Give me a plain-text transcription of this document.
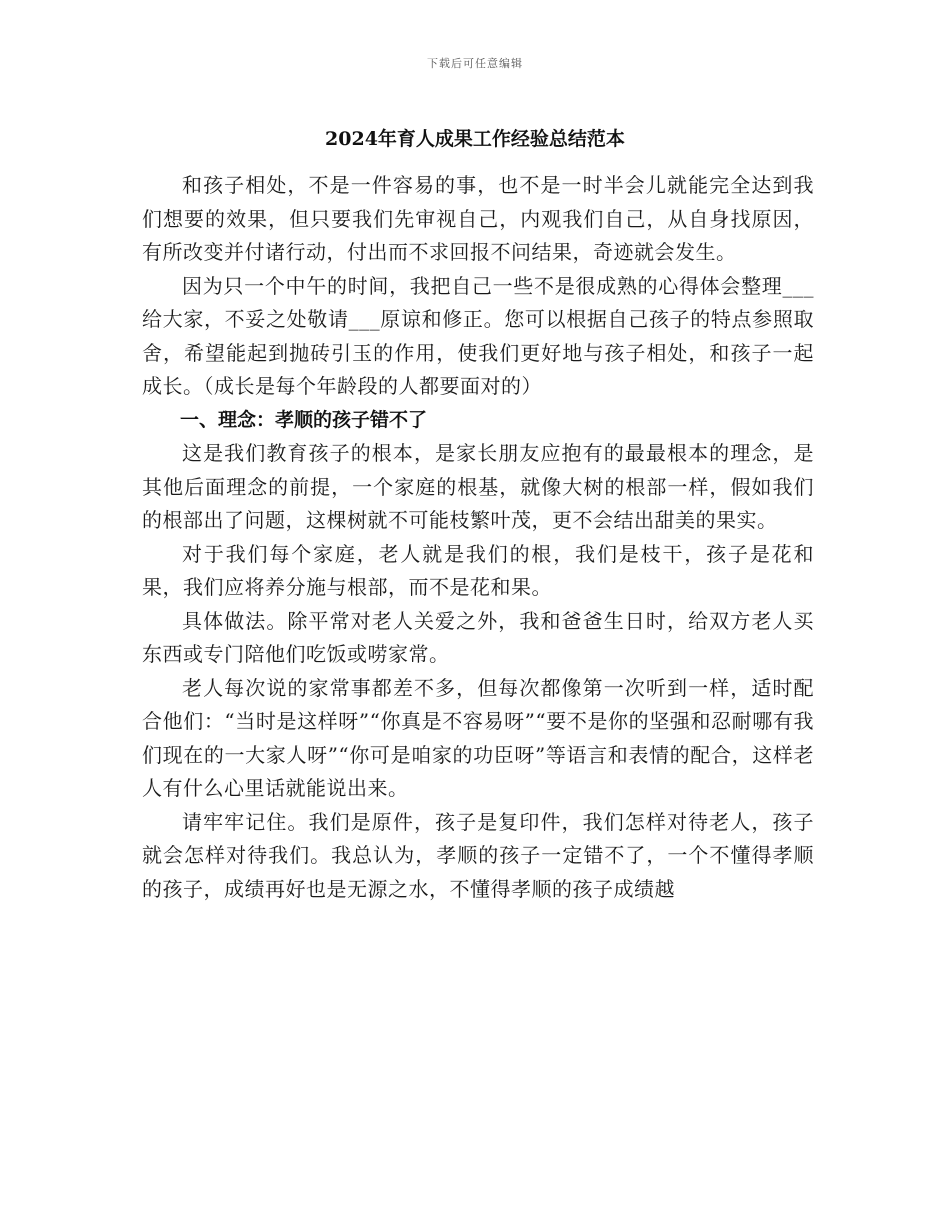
下载后可任意编辑
2024年育人成果工作经验总结范本

和孩子相处，不是一件容易的事，也不是一时半会儿就能完全达到我们想要的效果，但只要我们先审视自己，内观我们自己，从自身找原因，有所改变并付诸行动，付出而不求回报不问结果，奇迹就会发生。

因为只一个中午的时间，我把自己一些不是很成熟的心得体会整理___给大家，不妥之处敬请___原谅和修正。您可以根据自己孩子的特点参照取舍，希望能起到抛砖引玉的作用，使我们更好地与孩子相处，和孩子一起成长。（成长是每个年龄段的人都要面对的）

一、理念：孝顺的孩子错不了

这是我们教育孩子的根本，是家长朋友应抱有的最最根本的理念，是其他后面理念的前提，一个家庭的根基，就像大树的根部一样，假如我们的根部出了问题，这棵树就不可能枝繁叶茂，更不会结出甜美的果实。

对于我们每个家庭，老人就是我们的根，我们是枝干，孩子是花和果，我们应将养分施与根部，而不是花和果。

具体做法。除平常对老人关爱之外，我和爸爸生日时，给双方老人买东西或专门陪他们吃饭或唠家常。

老人每次说的家常事都差不多，但每次都像第一次听到一样，适时配合他们：“当时是这样呀”“你真是不容易呀”“要不是你的坚强和忍耐哪有我们现在的一大家人呀”“你可是咱家的功臣呀”等语言和表情的配合，这样老人有什么心里话就能说出来。

请牢牢记住。我们是原件，孩子是复印件，我们怎样对待老人，孩子就会怎样对待我们。我总认为，孝顺的孩子一定错不了，一个不懂得孝顺的孩子，成绩再好也是无源之水，不懂得孝顺的孩子成绩越
